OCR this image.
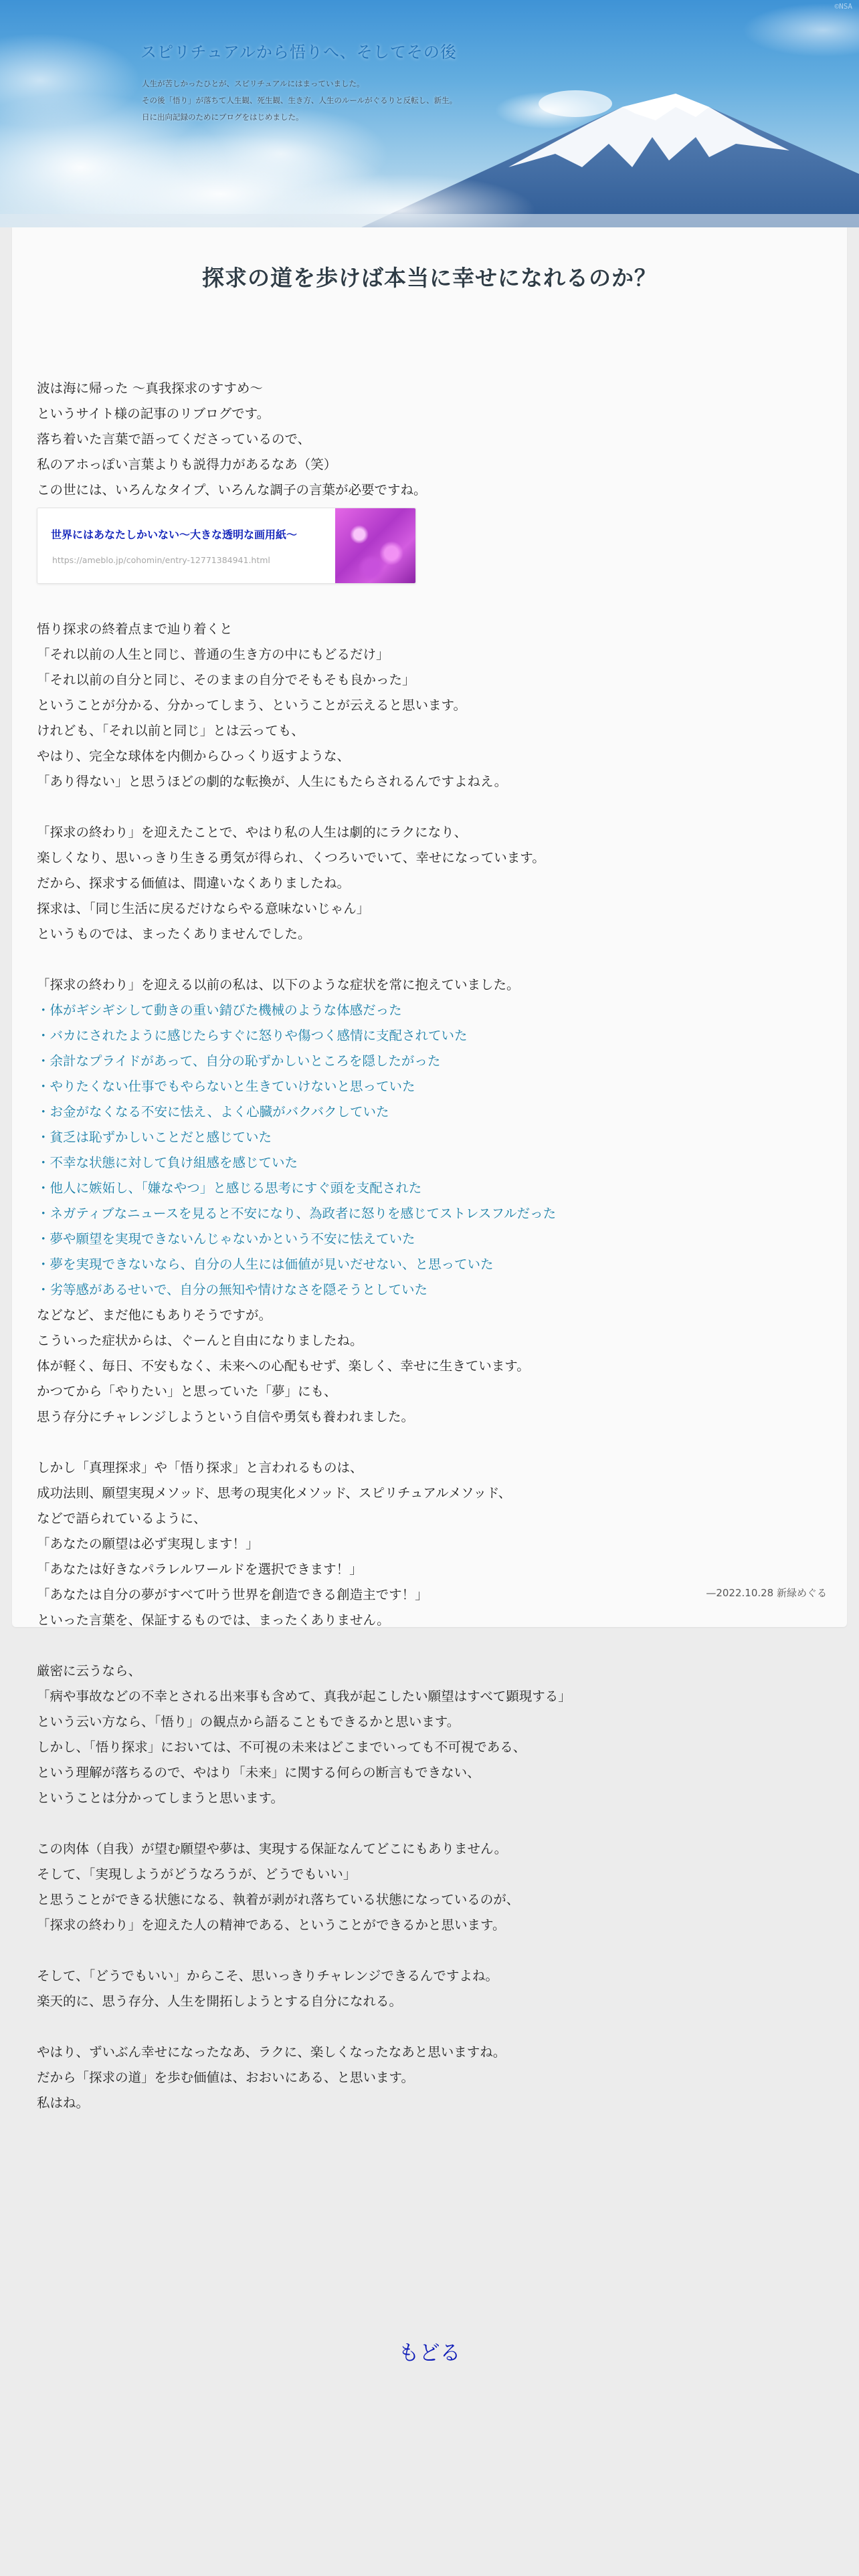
©NSA
スピリチュアルから悟りへ、そしてその後
人生が苦しかったひとが、スピリチュアルにはまっていました。
その後「悟り」が落ちて人生観、死生観、生き方、人生のルールがぐるりと反転し、新生。
日に出向記録のためにブログをはじめました。
探求の道を歩けば本当に幸せになれるのか？
波は海に帰った 〜真我探求のすすめ〜
というサイト様の記事のリブログです。
落ち着いた言葉で語ってくださっているので、
私のアホっぽい言葉よりも説得力があるなあ（笑）
この世には、いろんなタイプ、いろんな調子の言葉が必要ですね。
世界にはあなたしかいない〜大きな透明な画用紙〜
https://ameblo.jp/cohomin/entry-12771384941.html
悟り探求の終着点まで辿り着くと
「それ以前の人生と同じ、普通の生き方の中にもどるだけ」
「それ以前の自分と同じ、そのままの自分でそもそも良かった」
ということが分かる、分かってしまう、ということが云えると思います。
けれども、「それ以前と同じ」とは云っても、
やはり、完全な球体を内側からひっくり返すような、
「あり得ない」と思うほどの劇的な転換が、人生にもたらされるんですよねえ。
「探求の終わり」を迎えたことで、やはり私の人生は劇的にラクになり、
楽しくなり、思いっきり生きる勇気が得られ、くつろいでいて、幸せになっています。
だから、探求する価値は、間違いなくありましたね。
探求は、「同じ生活に戻るだけならやる意味ないじゃん」
というものでは、まったくありませんでした。
「探求の終わり」を迎える以前の私は、以下のような症状を常に抱えていました。
・体がギシギシして動きの重い錆びた機械のような体感だった
・バカにされたように感じたらすぐに怒りや傷つく感情に支配されていた
・余計なプライドがあって、自分の恥ずかしいところを隠したがった
・やりたくない仕事でもやらないと生きていけないと思っていた
・お金がなくなる不安に怯え、よく心臓がバクバクしていた
・貧乏は恥ずかしいことだと感じていた
・不幸な状態に対して負け組感を感じていた
・他人に嫉妬し、「嫌なやつ」と感じる思考にすぐ頭を支配された
・ネガティブなニュースを見ると不安になり、為政者に怒りを感じてストレスフルだった
・夢や願望を実現できないんじゃないかという不安に怯えていた
・夢を実現できないなら、自分の人生には価値が見いだせない、と思っていた
・劣等感があるせいで、自分の無知や情けなさを隠そうとしていた
などなど、まだ他にもありそうですが。
こういった症状からは、ぐーんと自由になりましたね。
体が軽く、毎日、不安もなく、未来への心配もせず、楽しく、幸せに生きています。
かつてから「やりたい」と思っていた「夢」にも、
思う存分にチャレンジしようという自信や勇気も養われました。
しかし「真理探求」や「悟り探求」と言われるものは、
成功法則、願望実現メソッド、思考の現実化メソッド、スピリチュアルメソッド、
などで語られているように、
「あなたの願望は必ず実現します！」
「あなたは好きなパラレルワールドを選択できます！」
「あなたは自分の夢がすべて叶う世界を創造できる創造主です！」
といった言葉を、保証するものでは、まったくありません。
厳密に云うなら、
「病や事故などの不幸とされる出来事も含めて、真我が起こしたい願望はすべて顕現する」
という云い方なら、「悟り」の観点から語ることもできるかと思います。
しかし、「悟り探求」においては、不可視の未来はどこまでいっても不可視である、
という理解が落ちるので、やはり「未来」に関する何らの断言もできない、
ということは分かってしまうと思います。
この肉体（自我）が望む願望や夢は、実現する保証なんてどこにもありません。
そして、「実現しようがどうなろうが、どうでもいい」
と思うことができる状態になる、執着が剥がれ落ちている状態になっているのが、
「探求の終わり」を迎えた人の精神である、ということができるかと思います。
そして、「どうでもいい」からこそ、思いっきりチャレンジできるんですよね。
楽天的に、思う存分、人生を開拓しようとする自分になれる。
やはり、ずいぶん幸せになったなあ、ラクに、楽しくなったなあと思いますね。
だから「探求の道」を歩む価値は、おおいにある、と思います。
私はね。
—2022.10.28 新緑めぐる
もどる
